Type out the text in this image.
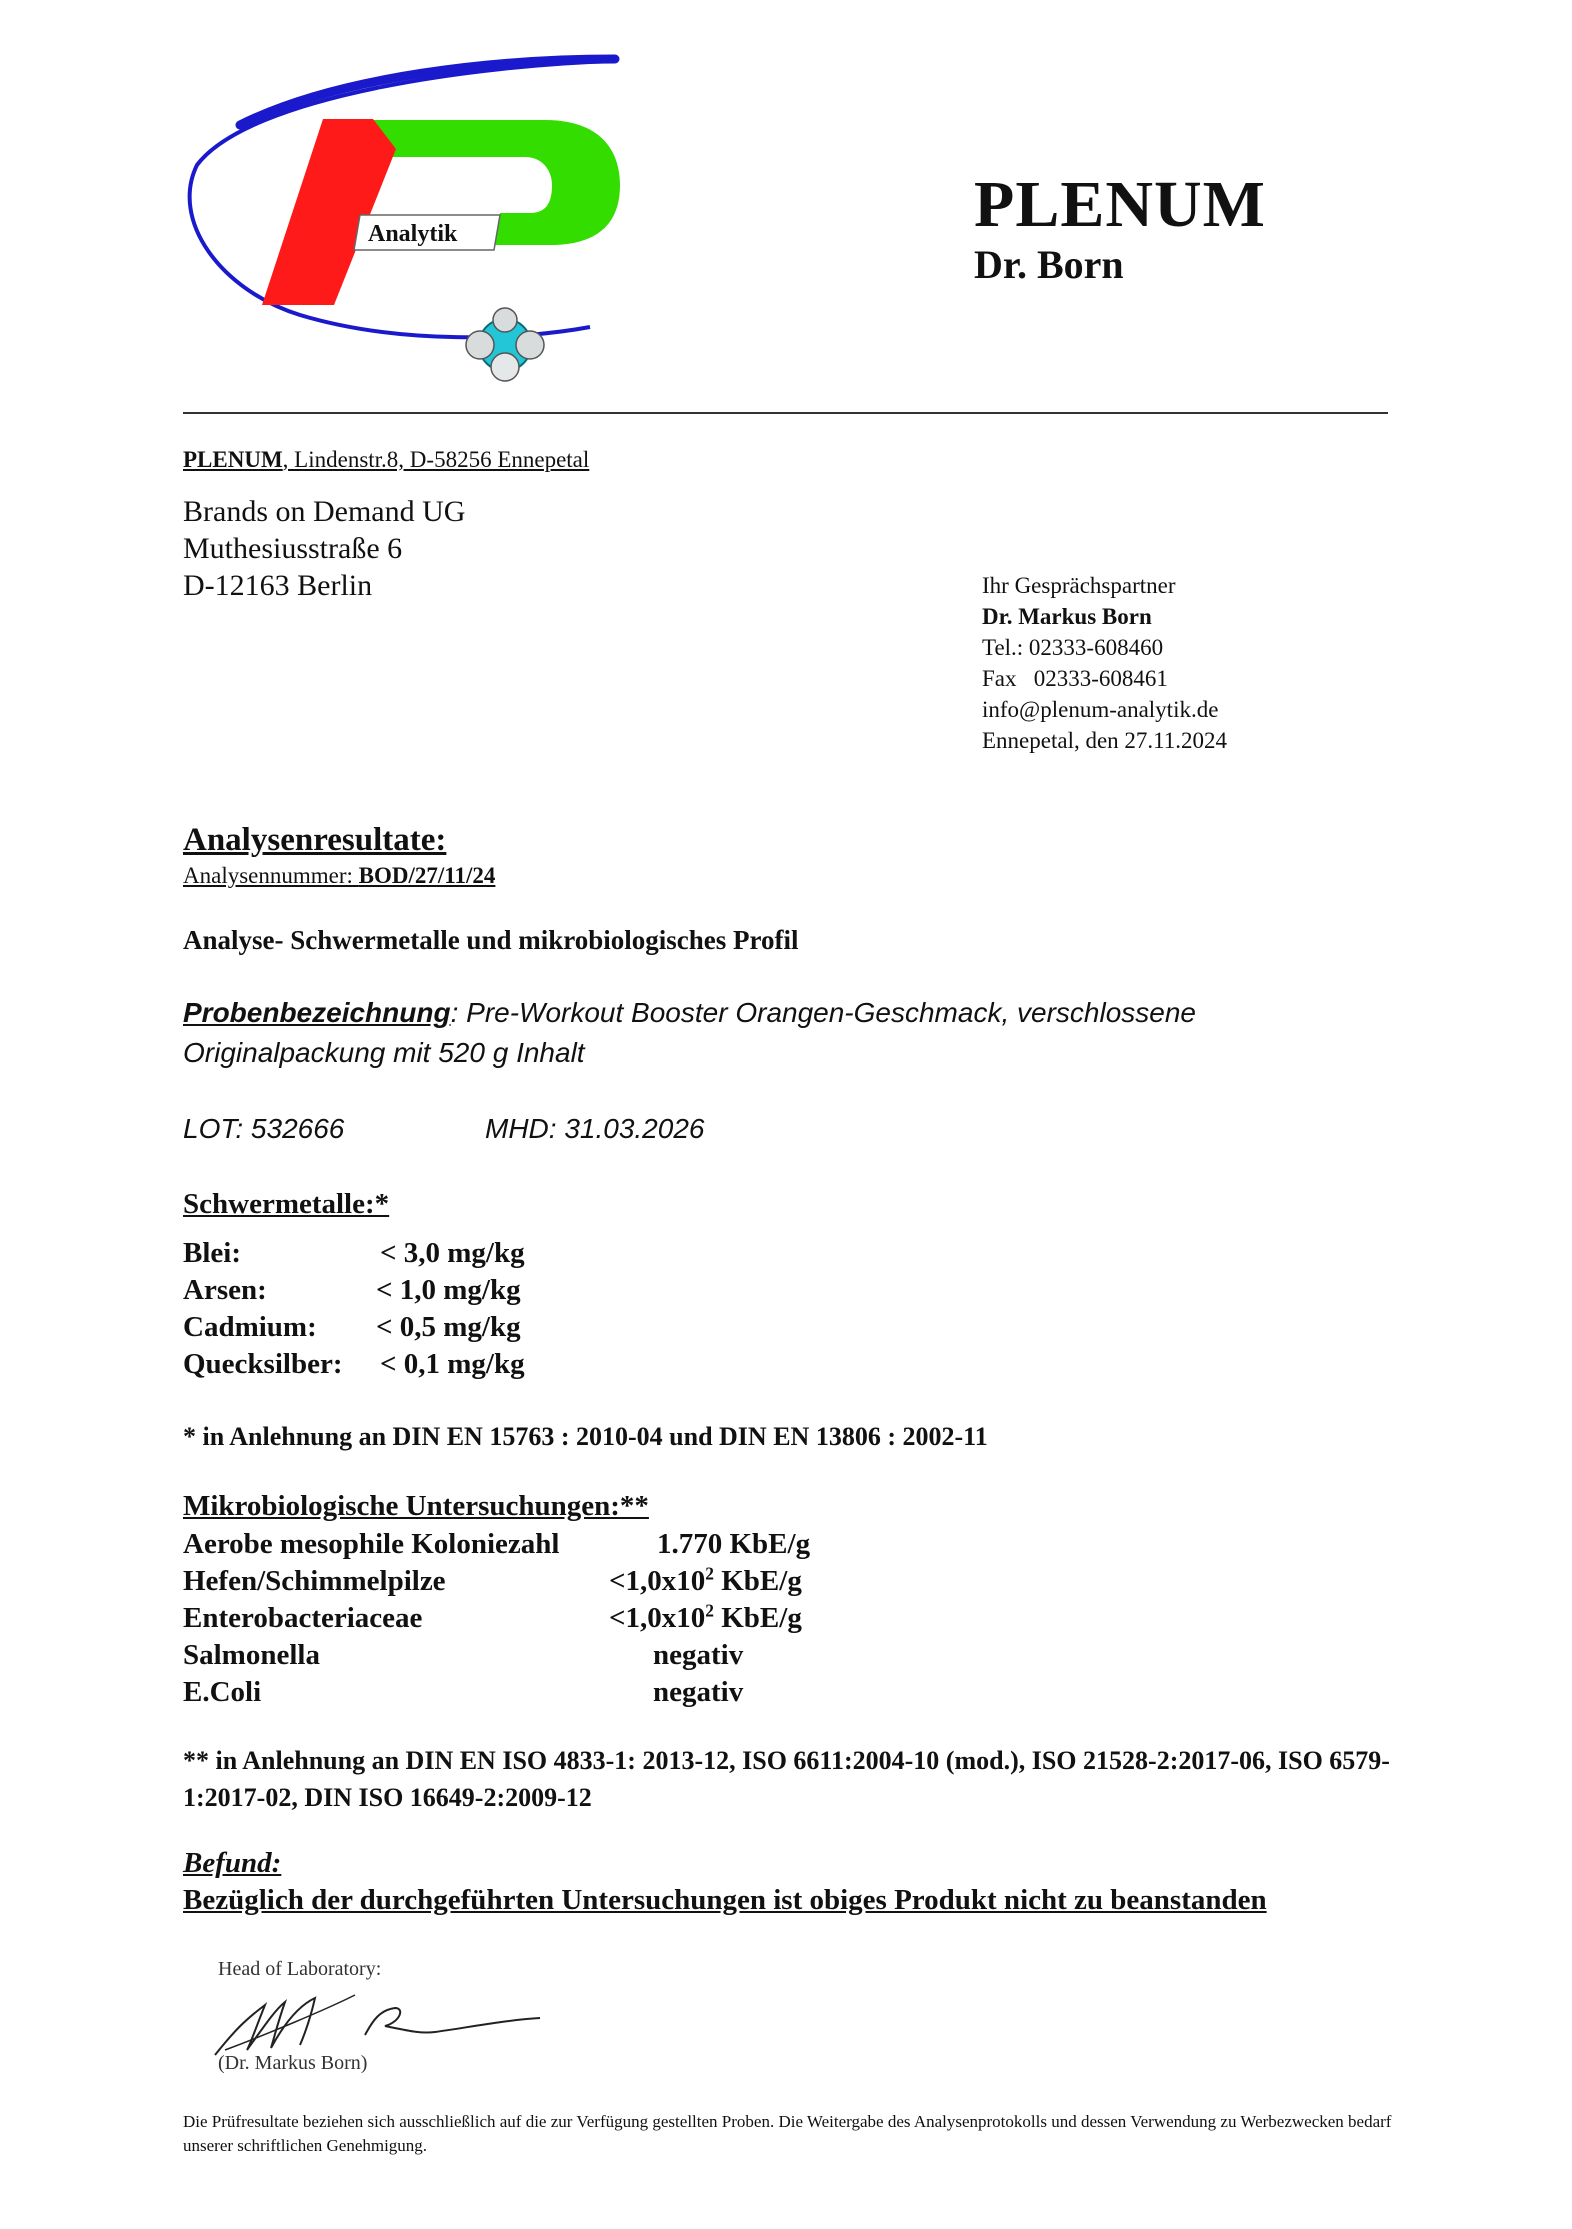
Analytik	PLENUM
Dr. Born
PLENUM, Lindenstr.8, D-58256 Ennepetal
Brands on Demand UG
Muthesiusstraße 6
D-12163 Berlin	Ihr Gesprächspartner
Dr. Markus Born
Tel.: 02333-608460
Fax   02333-608461
info@plenum-analytik.de
Ennepetal, den 27.11.2024
Analysenresultate:
Analysennummer: BOD/27/11/24
Analyse- Schwermetalle und mikrobiologisches Profil
Probenbezeichnung: Pre-Workout Booster Orangen-Geschmack, verschlossene Originalpackung mit 520 g Inhalt
LOT: 532666	MHD: 31.03.2026
Schwermetalle:*
Blei:	< 3,0 mg/kg
Arsen:	< 1,0 mg/kg
Cadmium: < 0,5 mg/kg
Quecksilber: < 0,1 mg/kg
* in Anlehnung an DIN EN 15763 : 2010-04 und DIN EN 13806 : 2002-11
Mikrobiologische Untersuchungen:**
Aerobe mesophile Koloniezahl	1.770 KbE/g
Hefen/Schimmelpilze	$<1,0x10^2$ KbE/g
Enterobacteriaceae	$<1,0x10^2$ KbE/g
Salmonella	negativ
E.Coli	negativ
** in Anlehnung an DIN EN ISO 4833-1: 2013-12, ISO 6611:2004-10 (mod.), ISO 21528-2:2017-06, ISO 6579-1:2017-02, DIN ISO 16649-2:2009-12
Befund:
Bezüglich der durchgeführten Untersuchungen ist obiges Produkt nicht zu beanstanden
Head of Laboratory:
(Dr. Markus Born)
Die Prüfresultate beziehen sich ausschließlich auf die zur Verfügung gestellten Proben. Die Weitergabe des Analysenprotokolls und dessen Verwendung zu Werbezwecken bedarf unserer schriftlichen Genehmigung.
